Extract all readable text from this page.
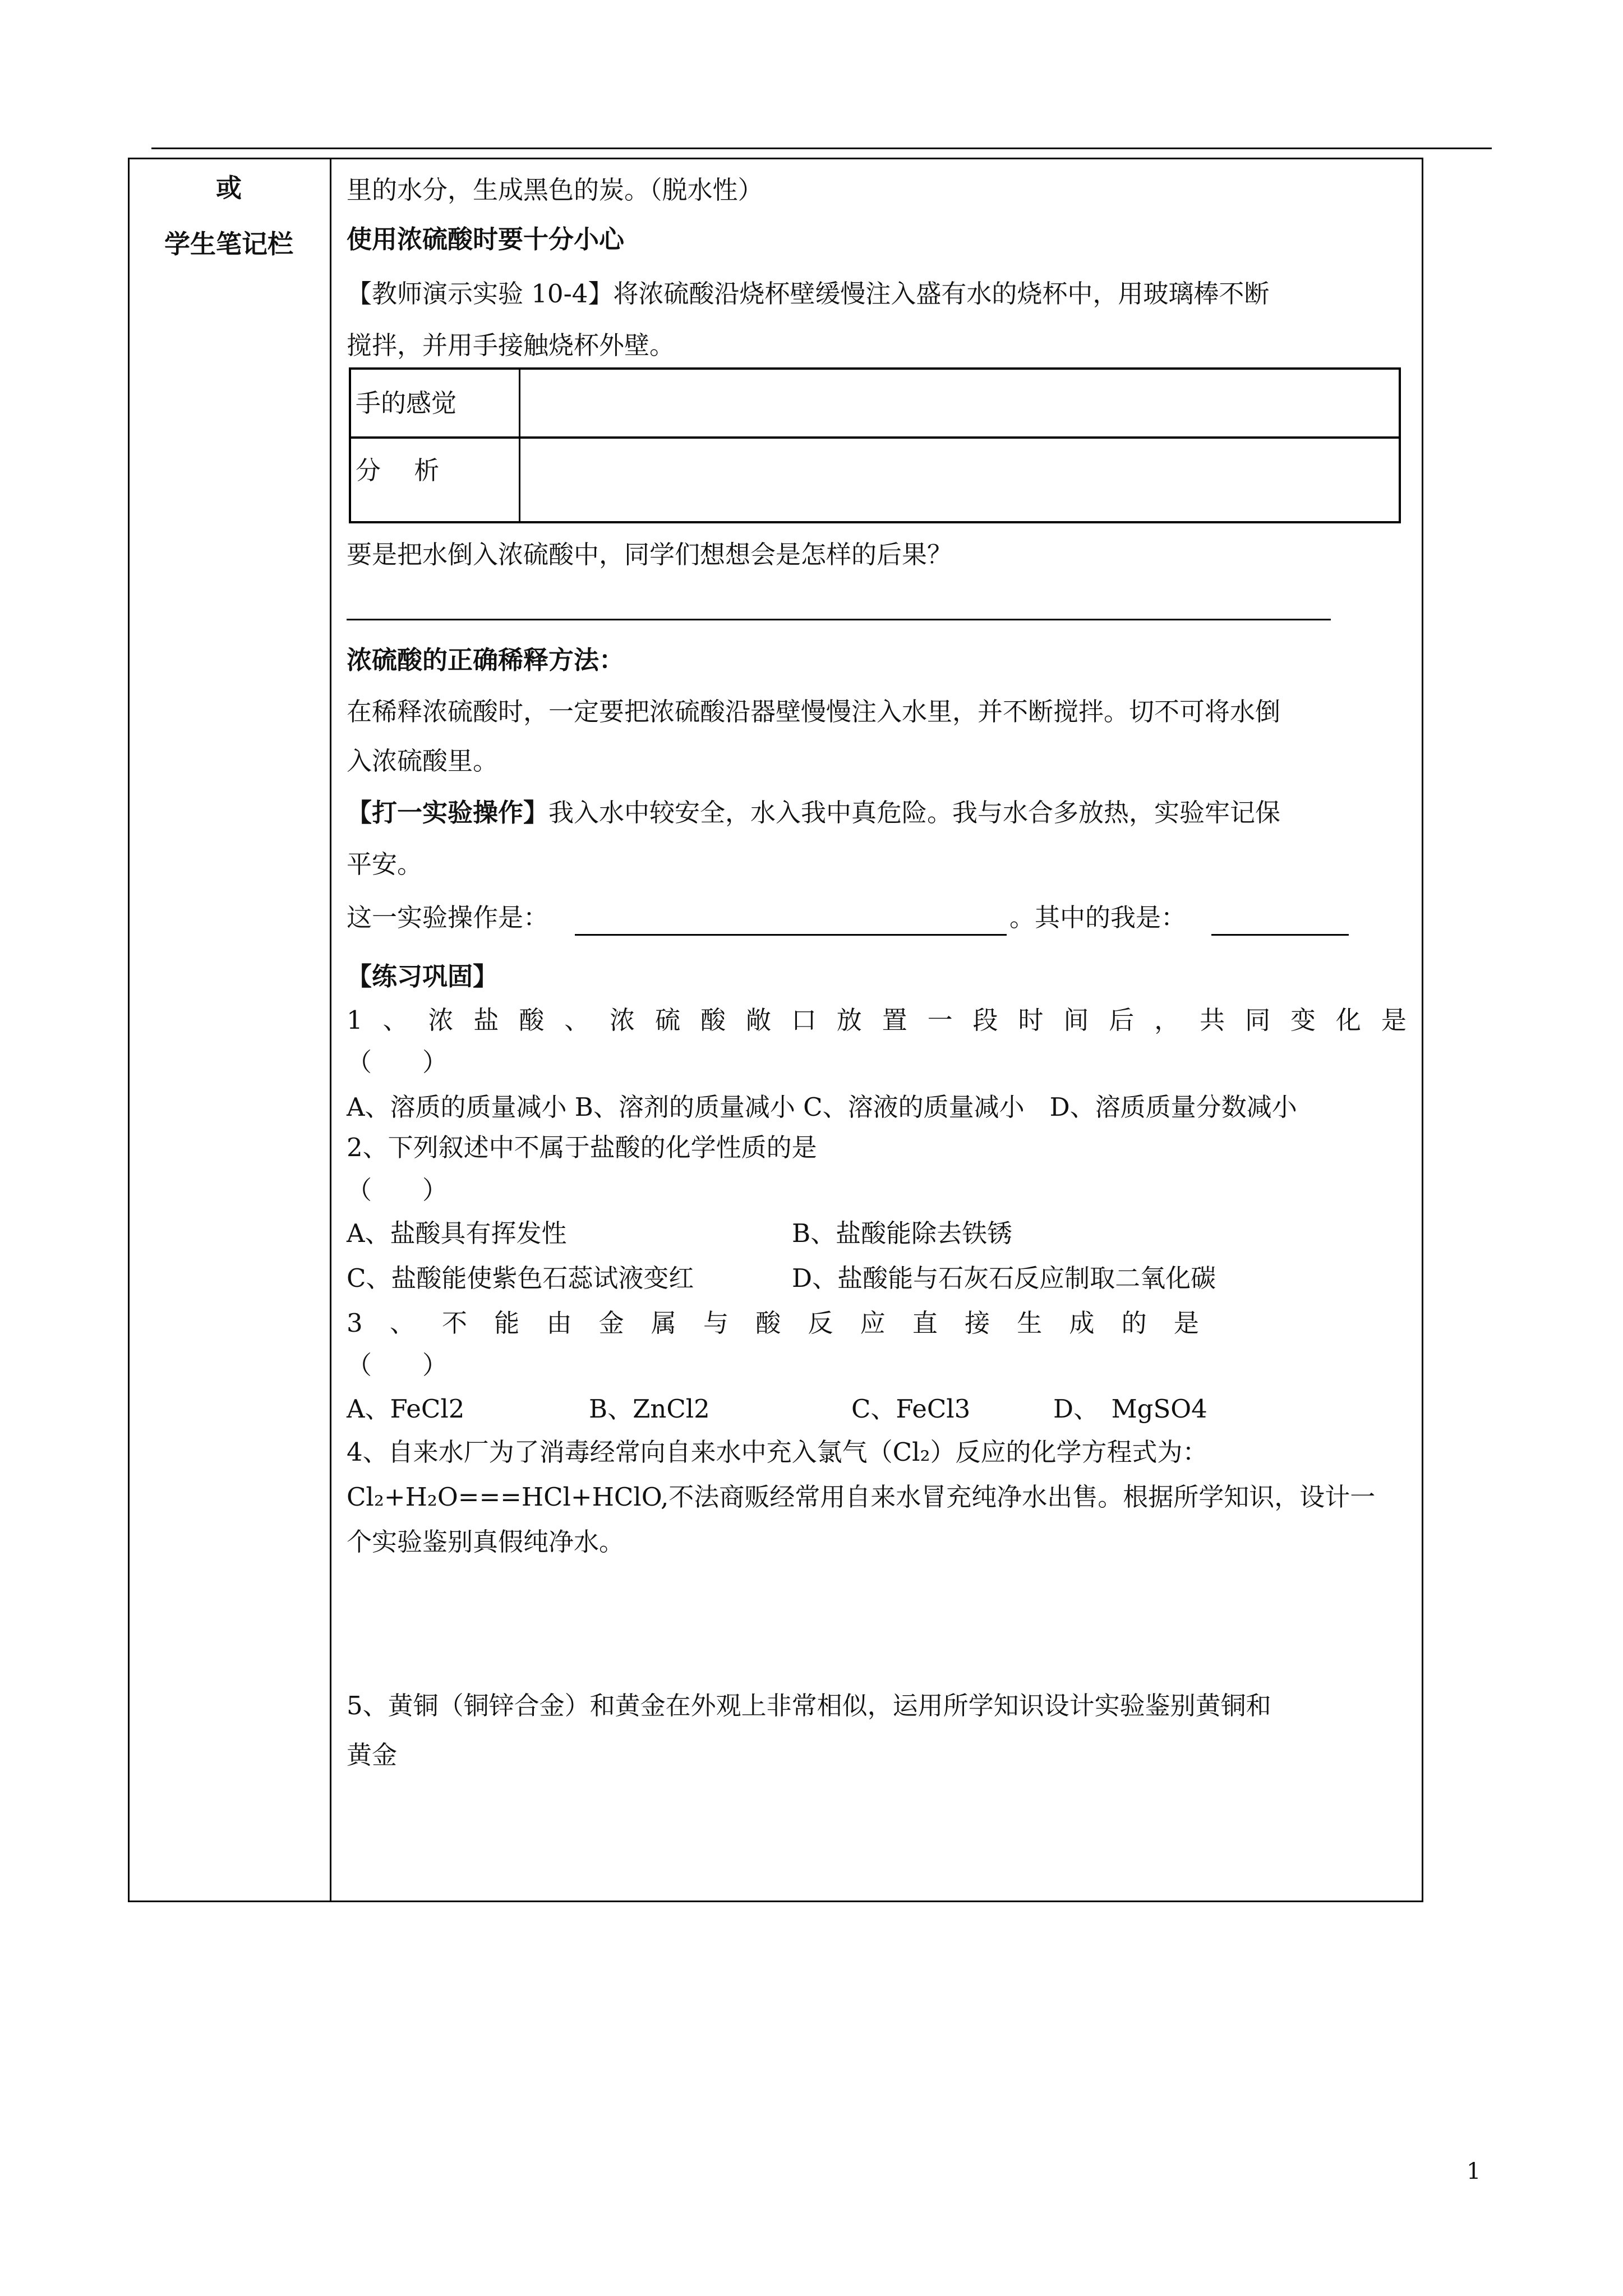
或
学生笔记栏
里的水分，生成黑色的炭。（脱水性）
使用浓硫酸时要十分小心
【教师演示实验 10-4】将浓硫酸沿烧杯壁缓慢注入盛有水的烧杯中，用玻璃棒不断
搅拌，并用手接触烧杯外壁。
手的感觉
分　 析
要是把水倒入浓硫酸中，同学们想想会是怎样的后果？
浓硫酸的正确稀释方法：
在稀释浓硫酸时，一定要把浓硫酸沿器壁慢慢注入水里，并不断搅拌。切不可将水倒
入浓硫酸里。
【打一实验操作】我入水中较安全，水入我中真危险。我与水合多放热，实验牢记保
平安。
这一实验操作是：	。其中的我是：
【练习巩固】
1 、 浓 盐 酸 、 浓 硫 酸 敞 口 放 置 一 段 时 间 后 ， 共 同 变 化 是
（　　）
A、溶质的质量减小 B、溶剂的质量减小 C、溶液的质量减小　D、溶质质量分数减小
2、下列叙述中不属于盐酸的化学性质的是
（　　）
A、盐酸具有挥发性	B、盐酸能除去铁锈
C、盐酸能使紫色石蕊试液变红	D、盐酸能与石灰石反应制取二氧化碳
3 、 不 能 由 金 属 与 酸 反 应 直 接 生 成 的 是
（　　）
A、FeCl2	B、ZnCl2	C、FeCl3	D、　MgSO4
4、自来水厂为了消毒经常向自来水中充入氯气（Cl₂）反应的化学方程式为：
Cl₂+H₂O===HCl+HClO,不法商贩经常用自来水冒充纯净水出售。根据所学知识，设计一
个实验鉴别真假纯净水。
5、黄铜（铜锌合金）和黄金在外观上非常相似，运用所学知识设计实验鉴别黄铜和
黄金
1
